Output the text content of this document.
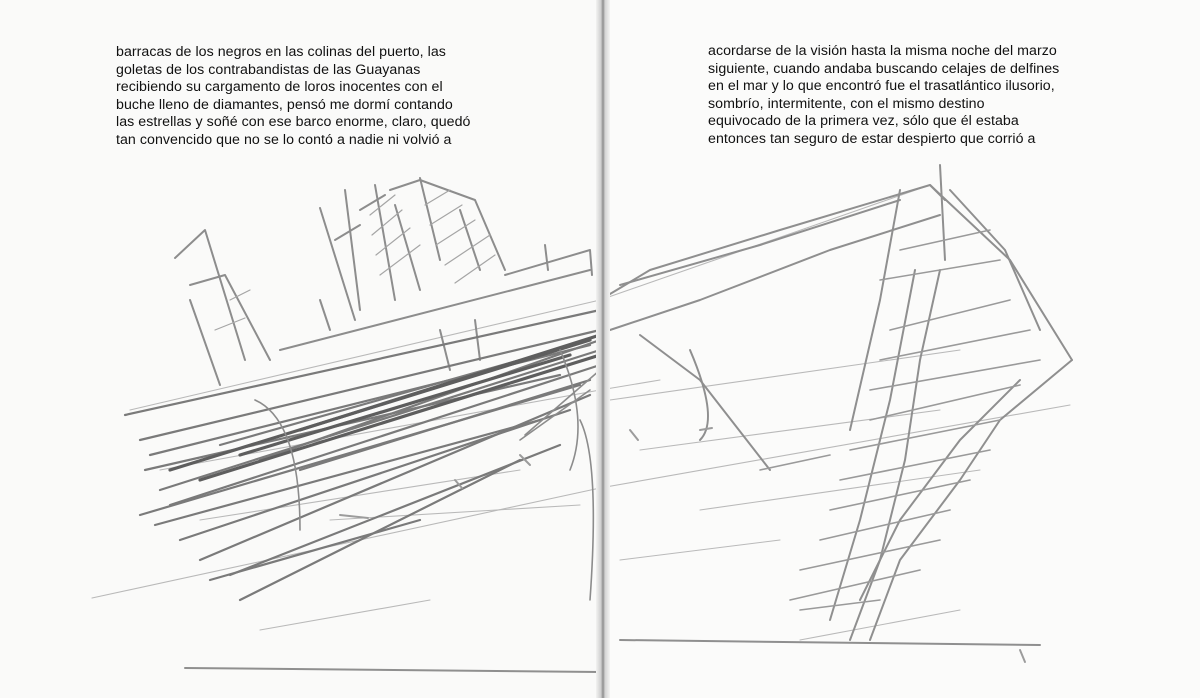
barracas de los negros en las colinas del puerto, las
goletas de los contrabandistas de las Guayanas
recibiendo su cargamento de loros inocentes con el
buche lleno de diamantes, pensó me dormí contando
las estrellas y soñé con ese barco enorme, claro, quedó
tan convencido que no se lo contó a nadie ni volvió a
acordarse de la visión hasta la misma noche del marzo
siguiente, cuando andaba buscando celajes de delfines
en el mar y lo que encontró fue el trasatlántico ilusorio,
sombrío, intermitente, con el mismo destino
equivocado de la primera vez, sólo que él estaba
entonces tan seguro de estar despierto que corrió a
